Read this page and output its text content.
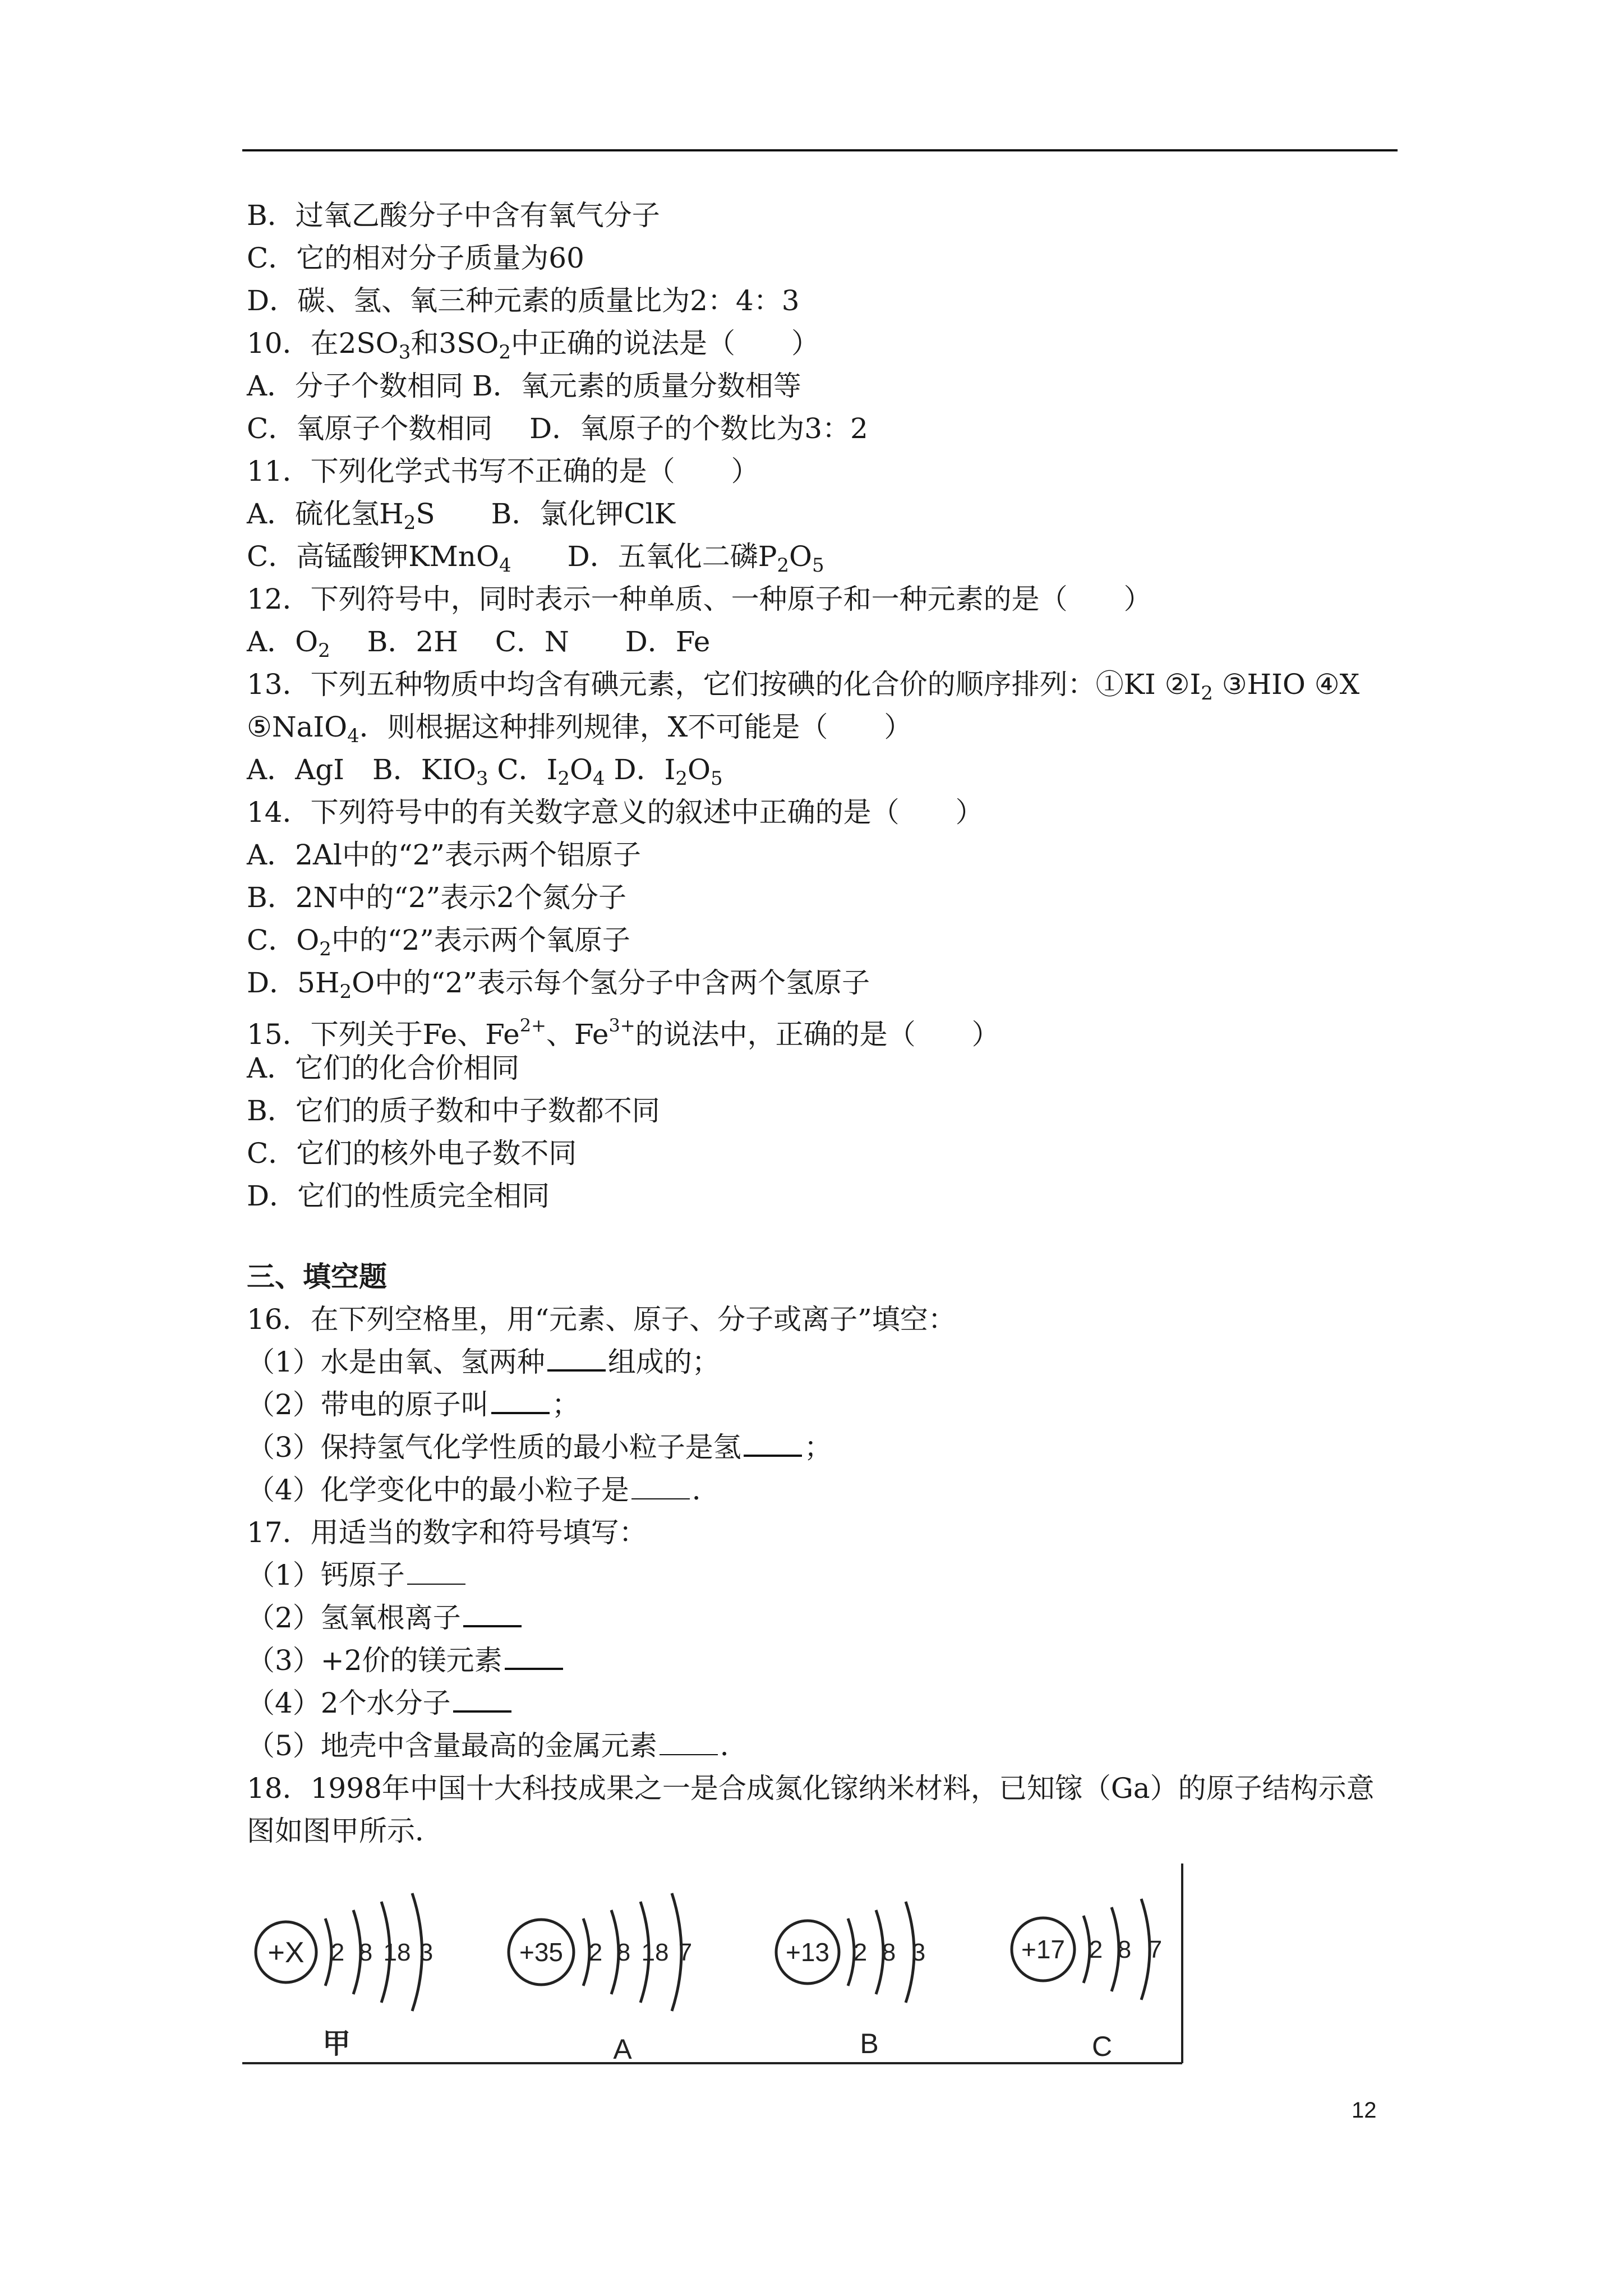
B．过氧乙酸分子中含有氧气分子
C．它的相对分子质量为60
D．碳、氢、氧三种元素的质量比为2：4：3
10．在$2SO_3$和$3SO_2$中正确的说法是（　　）
A．分子个数相同 B．氧元素的质量分数相等
C．氧原子个数相同　 D．氧原子的个数比为3：2
11．下列化学式书写不正确的是（　　）
A．硫化氢$H_2S$　　B．氯化钾ClK
C．高锰酸钾KMnO$_4$　　D．五氧化二磷$P_2O_5$
12．下列符号中，同时表示一种单质、一种原子和一种元素的是（　　）
A．$O_2$　 B．2H　 C．N　　D．Fe
13．下列五种物质中均含有碘元素，它们按碘的化合价的顺序排列：①KI $②I_2$ ③HIO ④X
⑤NaIO$_4$．则根据这种排列规律，X不可能是（　　）
A．AgI　B．$KIO_3$ C．$I_2O_4$ D．$I_2O_5$
14．下列符号中的有关数字意义的叙述中正确的是（　　）
A．2Al中的“2”表示两个铝原子
B．2N中的“2”表示2个氮分子
C．$O_2$中的“2”表示两个氧原子
D．$5H_2O$中的“2”表示每个氢分子中含两个氢原子
15．下列关于Fe、$Fe^{2+}$、$Fe^{3+}$的说法中，正确的是（　　）
A．它们的化合价相同
B．它们的质子数和中子数都不同
C．它们的核外电子数不同
D．它们的性质完全相同
三、填空题
16．在下列空格里，用“元素、原子、分子或离子”填空：
（1）水是由氧、氢两种 组成的；
（2）带电的原子叫 ；
（3）保持氢气化学性质的最小粒子是氢 ；
（4）化学变化中的最小粒子是 ．
17．用适当的数字和符号填写：
（1）钙原子
（2）氢氧根离子
（3）+2价的镁元素
（4）2个水分子
（5）地壳中含量最高的金属元素 ．
18．1998年中国十大科技成果之一是合成氮化镓纳米材料，已知镓（Ga）的原子结构示意
图如图甲所示．
+X 2 8 18 3
甲
+35 2 8 18 7
A
+13 2 8 3
B
+17 2 8 7
C
12
